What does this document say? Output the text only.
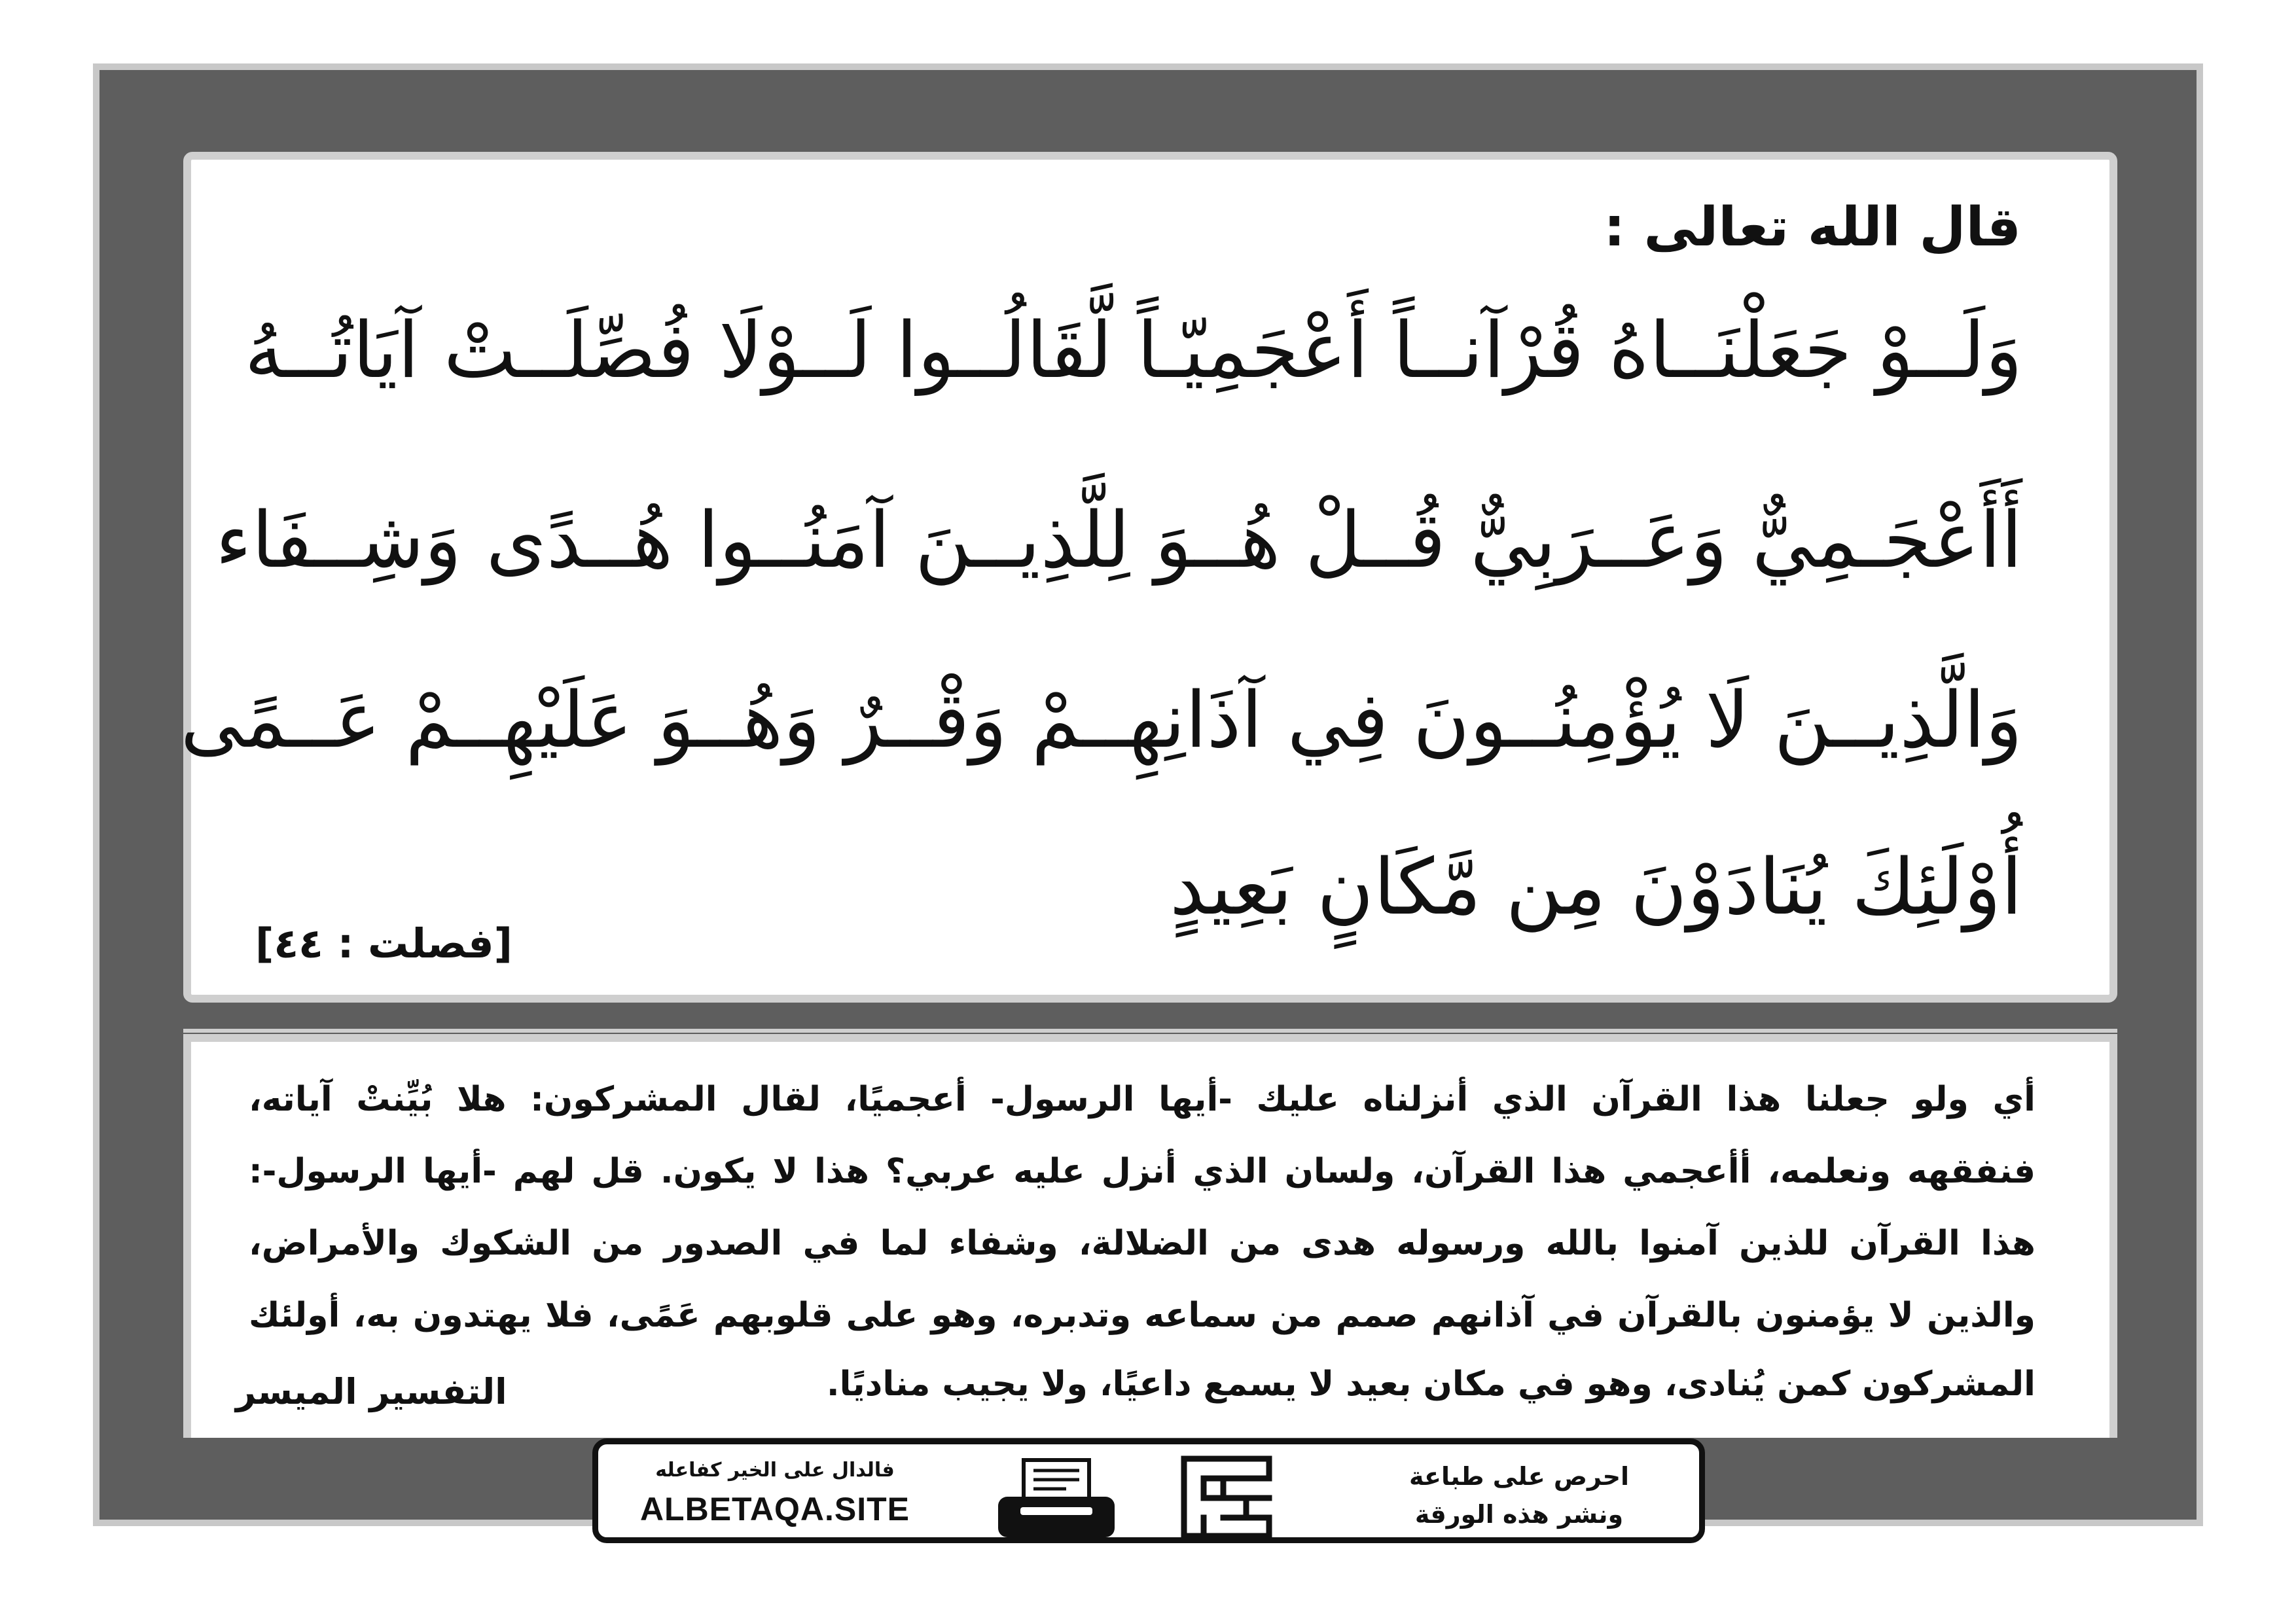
قال الله تعالى :
وَلَــوْ جَعَلْنَــاهُ قُرْآنــاً أَعْجَمِيّـاً لَّقَالُــوا لَــوْلَا فُصِّلَــتْ آيَاتُــهُ
أَأَعْجَـمِيٌّ وَعَــرَبِيٌّ قُــلْ هُــوَ لِلَّذِيــنَ آمَنُــوا هُــدًى وَشِــفَاء
وَالَّذِيــنَ لَا يُؤْمِنُــونَ فِي آذَانِهِــمْ وَقْــرٌ وَهُــوَ عَلَيْهِــمْ عَــمًى
أُوْلَئِكَ يُنَادَوْنَ مِن مَّكَانٍ بَعِيدٍ
[فصلت : ٤٤]
أي ولو جعلنا هذا القرآن الذي أنزلناه عليك -أيها الرسول- أعجميًا، لقال المشركون: هلا بُيِّنتْ آياته،
فنفقهه ونعلمه، أأعجمي هذا القرآن، ولسان الذي أنزل عليه عربي؟ هذا لا يكون. قل لهم -أيها الرسول-:
هذا القرآن للذين آمنوا بالله ورسوله هدى من الضلالة، وشفاء لما في الصدور من الشكوك والأمراض،
والذين لا يؤمنون بالقرآن في آذانهم صمم من سماعه وتدبره، وهو على قلوبهم عَمًى، فلا يهتدون به، أولئك
المشركون كمن يُنادى، وهو في مكان بعيد لا يسمع داعيًا، ولا يجيب مناديًا.
التفسير الميسر
احرص على طباعة
ونشر هذه الورقة
فالدال على الخير كفاعله
ALBETAQA.SITE
